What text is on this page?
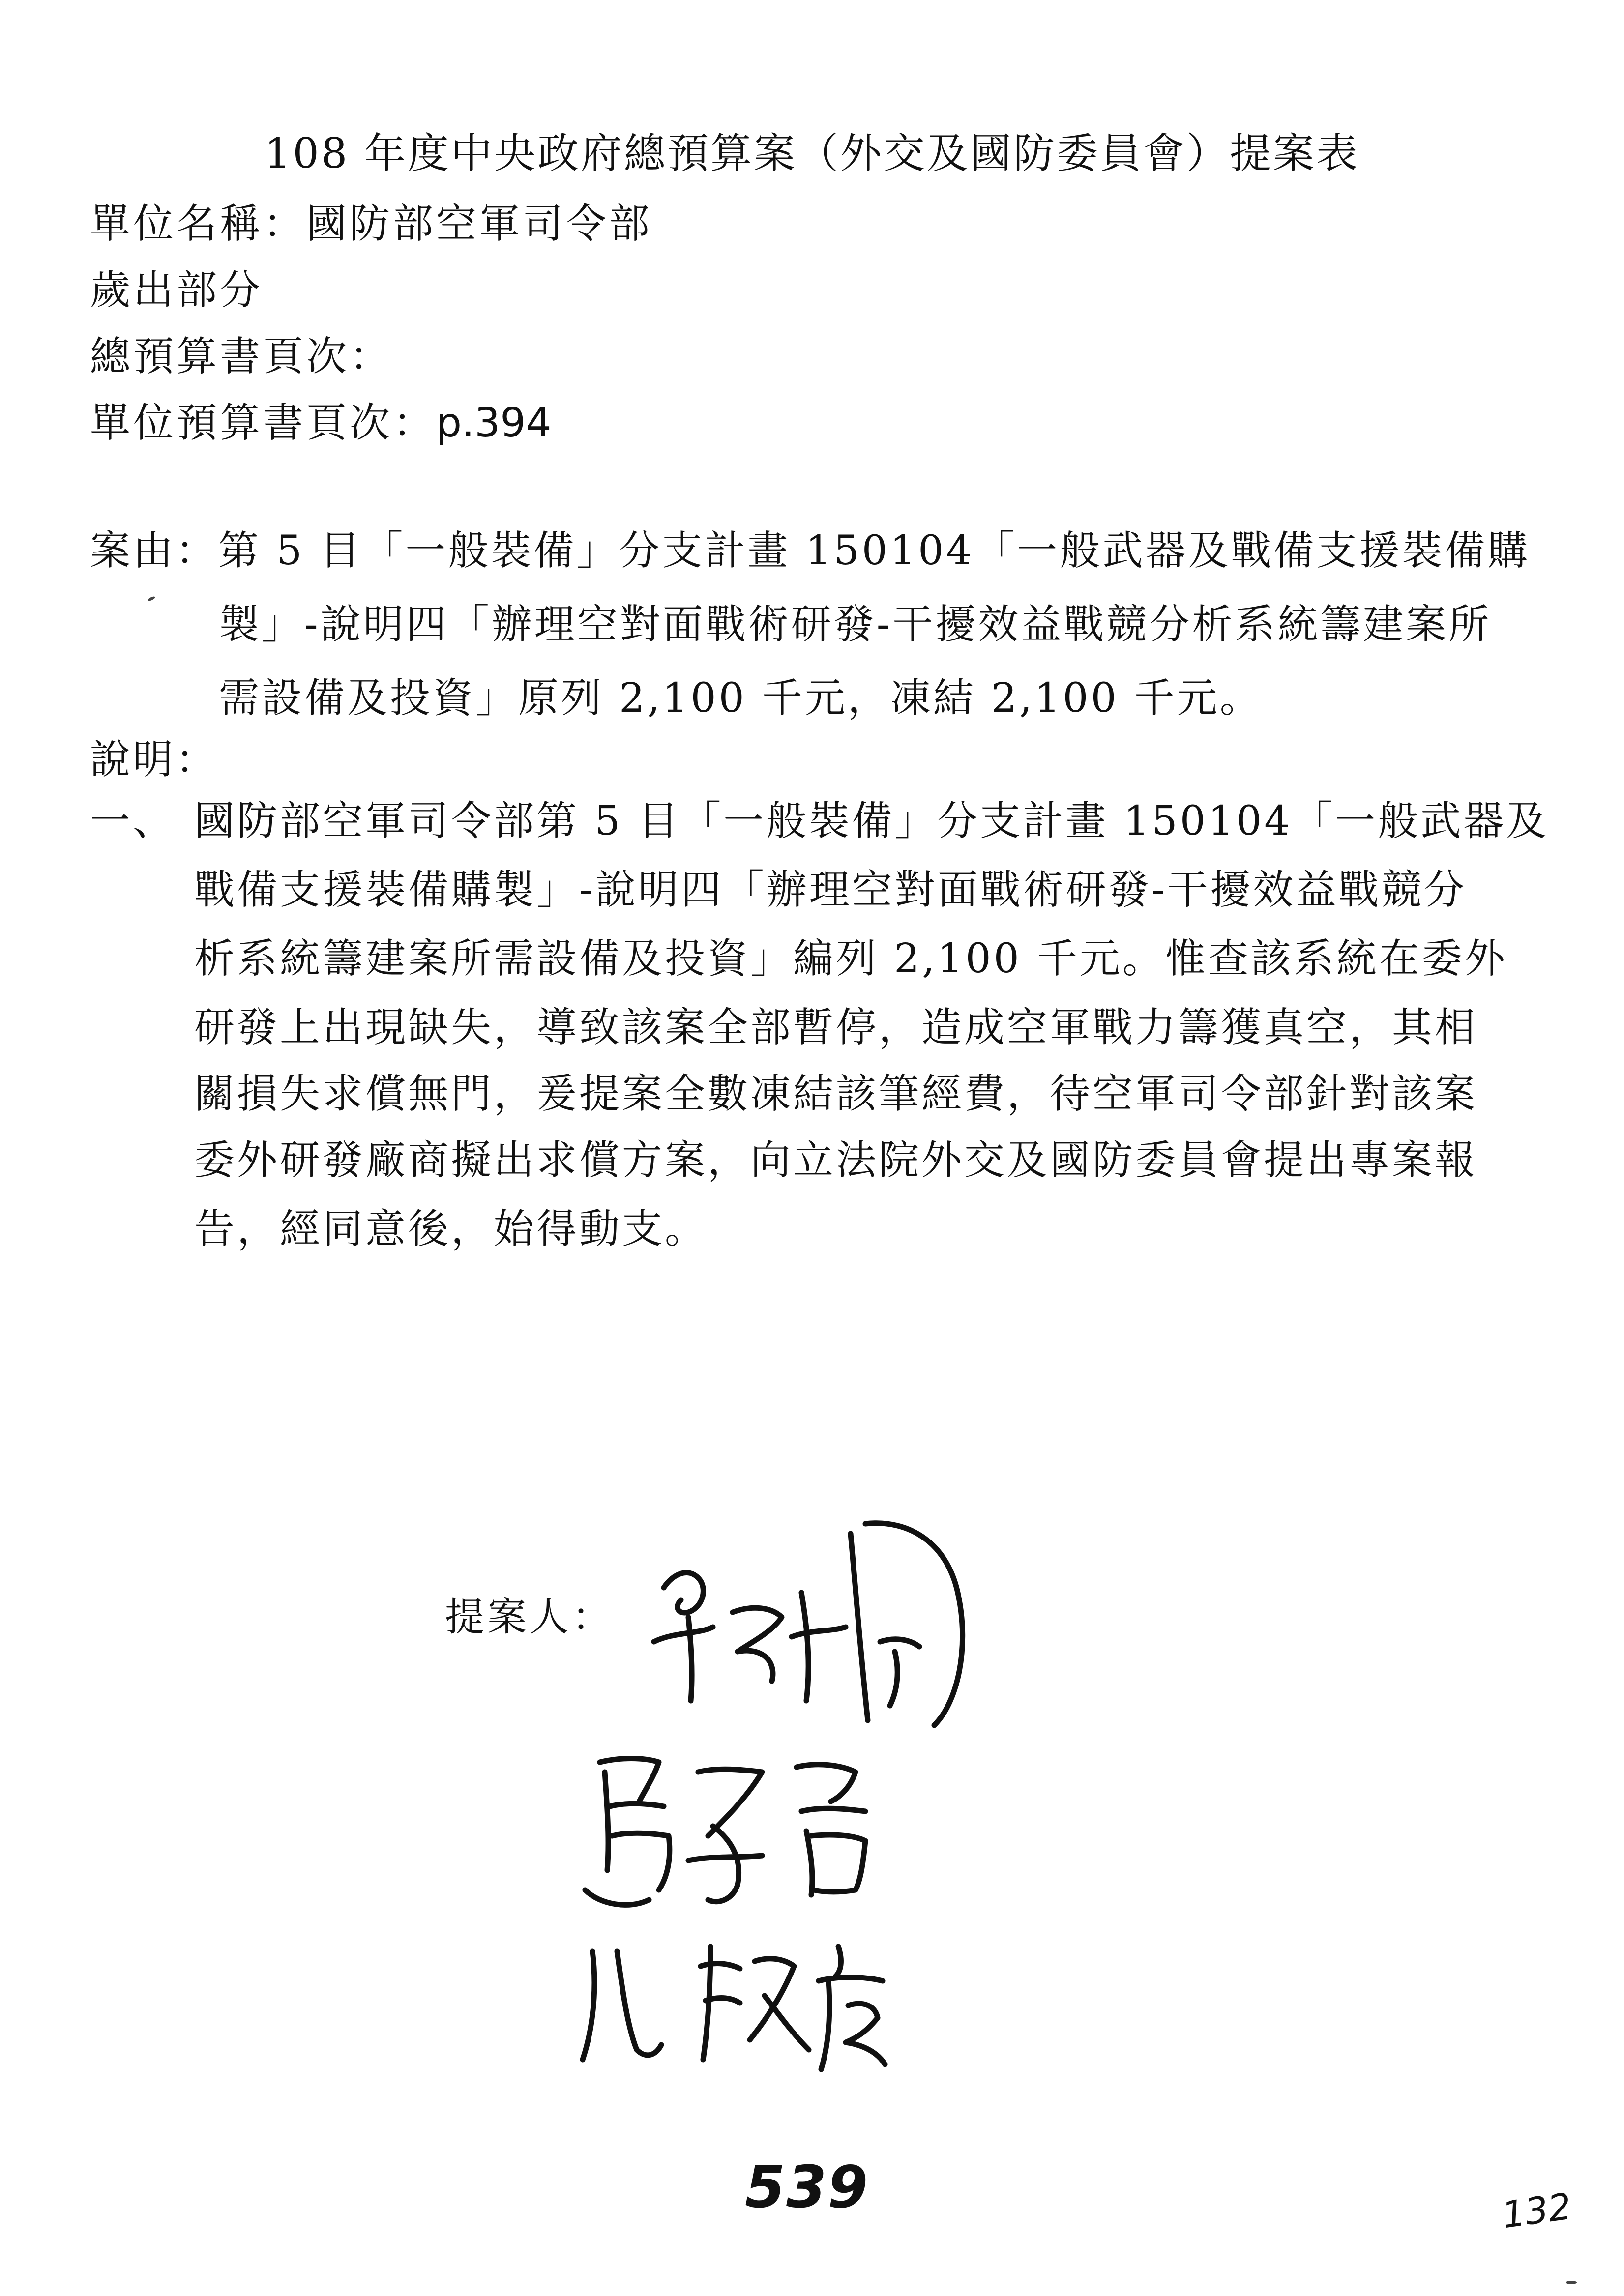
108 年度中央政府總預算案（外交及國防委員會）提案表
單位名稱：國防部空軍司令部
歲出部分
總預算書頁次：
單位預算書頁次：p.394
案由：第 5 目「一般裝備」分支計畫 150104「一般武器及戰備支援裝備購
製」-說明四「辦理空對面戰術研發-干擾效益戰競分析系統籌建案所
需設備及投資」原列 2,100 千元，凍結 2,100 千元。
說明：
一、 國防部空軍司令部第 5 目「一般裝備」分支計畫 150104「一般武器及
戰備支援裝備購製」-說明四「辦理空對面戰術研發-干擾效益戰競分
析系統籌建案所需設備及投資」編列 2,100 千元。惟查該系統在委外
研發上出現缺失，導致該案全部暫停，造成空軍戰力籌獲真空，其相
關損失求償無門，爰提案全數凍結該筆經費，待空軍司令部針對該案
委外研發廠商擬出求償方案，向立法院外交及國防委員會提出專案報
告，經同意後，始得動支。
提案人：
539	132
